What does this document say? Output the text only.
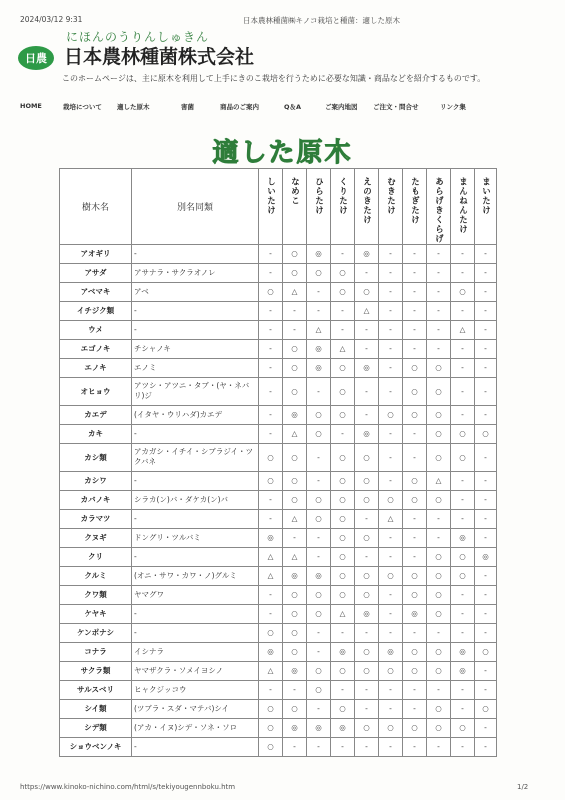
2024/03/12 9:31	日本農林種菌㈱キノコ栽培と種菌：適した原木
日農
にほんのうりんしゅきん
日本農林種菌株式会社
このホームページは、主に原木を利用して上手にきのこ栽培を行うために必要な知識・商品などを紹介するものです。
HOME	栽培について 適した原木	害菌	商品のご案内	Q＆A	ご案内地図 ご注文・問合せ	リンク集
適した原木
樹木名	別名同類	しいたけ	なめこ	ひらたけ	くりたけ	えのきたけ	むきたけ	たもぎたけ	あらげきくらげ	まんねんたけ	まいたけ

アオギリ	-	-	○	◎	-	◎	-	-	-	-	-
アサダ	アサナラ・サクラオノレ	-	○	○	○	-	-	-	-	-	-
アベマキ	アベ	○	△	-	○	○	-	-	-	○	-
イチジク類	-	-	-	-	-	△	-	-	-	-	-
ウメ	-	-	-	△	-	-	-	-	-	△	-
エゴノキ	チシャノキ	-	○	◎	△	-	-	-	-	-	-
エノキ	エノミ	-	○	◎	○	◎	-	○	○	-	-
オヒョウ	アツシ・アツニ・タブ・(ヤ・ネバリ)ジ	-	○	-	○	-	-	○	○	-	-
カエデ	(イタヤ・ウリハダ)カエデ	-	◎	○	○	-	○	○	○	-	-
カキ	-	-	△	○	-	◎	-	-	○	○	○
カシ類	アカガシ・イチイ・シブラジイ・ツクバネ	○	○	-	○	○	-	-	○	○	-
カシワ	-	○	○	-	○	○	-	○	△	-	-
カバノキ	シラカ(ン)バ・ダケカ(ン)バ	-	○	○	○	○	○	○	○	-	-
カラマツ	-	-	△	○	○	-	△	-	-	-	-
クヌギ	ドングリ・ツルバミ	◎	-	-	○	○	-	-	-	◎	-
クリ	-	△	△	-	○	-	-	-	○	○	◎
クルミ	(オニ・サワ・カワ・ノ)グルミ	△	◎	◎	○	○	○	○	○	○	-
クワ類	ヤマグワ	-	○	○	○	○	-	○	○	-	-
ケヤキ	-	-	○	○	△	◎	-	◎	○	-	-
ケンポナシ	-	○	○	-	-	-	-	-	-	-	-
コナラ	イシナラ	◎	○	-	◎	○	◎	○	○	◎	○
サクラ類	ヤマザクラ・ソメイヨシノ	△	◎	○	○	○	○	○	○	◎	-
サルスベリ	ヒャクジッコウ	-	-	○	-	-	-	-	-	-	-
シイ類	(ツブラ・スダ・マテバ)シイ	○	○	-	○	-	-	-	○	-	○
シデ類	(アカ・イヌ)シデ・ソネ・ソロ	○	◎	◎	◎	○	○	○	○	○	-
ショウベンノキ	-	○	-	-	-	-	-	-	-	-	-
https://www.kinoko-nichino.com/html/s/tekiyougennboku.htm	1/2
